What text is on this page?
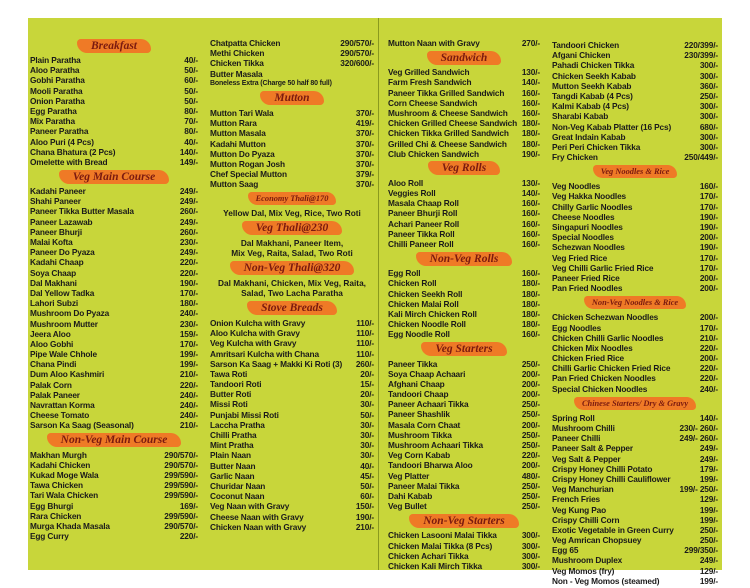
Breakfast
Plain Paratha	40/-
Aloo Paratha	50/-
Gobhi Paratha	60/-
Mooli Paratha	50/-
Onion Paratha	50/-
Egg Paratha	80/-
Mix Paratha	70/-
Paneer Paratha	80/-
Aloo Puri (4 Pcs)	40/-
Chana Bhatura (2 Pcs)	140/-
Omelette with Bread	149/-
Veg Main Course
Kadahi Paneer	249/-
Shahi Paneer	249/-
Paneer Tikka Butter Masala	260/-
Paneer Lazawab	249/-
Paneer Bhurji	260/-
Malai Kofta	230/-
Paneer Do Pyaza	249/-
Kadahi Chaap	220/-
Soya Chaap	220/-
Dal Makhani	190/-
Dal Yellow Tadka	170/-
Lahori Subzi	180/-
Mushroom Do Pyaza	240/-
Mushroom Mutter	230/-
Jeera Aloo	159/-
Aloo Gobhi	170/-
Pipe Wale Chhole	199/-
Chana Pindi	199/-
Dum Aloo Kashmiri	210/-
Palak Corn	220/-
Palak Paneer	240/-
Navrattan Korma	240/-
Cheese Tomato	240/-
Sarson Ka Saag (Seasonal)	210/-
Non-Veg Main Course
Makhan Murgh	290/570/-
Kadahi Chicken	290/570/-
Kukad Moge Wala	299/590/-
Tawa Chicken	299/590/-
Tari Wala Chicken	299/590/-
Egg Bhurgi	169/-
Rara Chicken	299/590/-
Murga Khada Masala	290/570/-
Egg Curry	220/-
Chatpatta Chicken	290/570/-
Methi Chicken	290/570/-
Chicken Tikka	320/600/-
Butter Masala
Boneless Extra (Charge 50 half 80 full)
Mutton
Mutton Tari Wala	370/-
Mutton Rara	419/-
Mutton Masala	370/-
Kadahi Mutton	370/-
Mutton Do Pyaza	370/-
Mutton Rogan Josh	370/-
Chef Special Mutton	379/-
Mutton Saag	370/-
Economy Thali@170
Yellow Dal, Mix Veg, Rice, Two Roti
Veg Thali@230
Dal Makhani, Paneer Item,
Mix Veg, Raita, Salad, Two Roti
Non-Veg Thali@320
Dal Makhani, Chicken, Mix Veg, Raita,
Salad, Two Lacha Paratha
Stove Breads
Onion Kulcha with Gravy	110/-
Aloo Kulcha with Gravy	110/-
Veg Kulcha with Gravy	110/-
Amritsari Kulcha with Chana	110/-
Sarson Ka Saag + Makki Ki Roti (3) 260/-
Tawa Roti	20/-
Tandoori Roti	15/-
Butter Roti	20/-
Missi Roti	30/-
Punjabi Missi Roti	50/-
Laccha Pratha	30/-
Chilli Pratha	30/-
Mint Pratha	30/-
Plain Naan	30/-
Butter Naan	40/-
Garlic Naan	45/-
Churidar Naan	50/-
Coconut Naan	60/-
Veg Naan with Gravy	150/-
Cheese Naan with Gravy	190/-
Chicken Naan with Gravy	210/-
Mutton Naan with Gravy	270/-
Sandwich
Veg Grilled Sandwich	130/-
Farm Fresh Sandwich	140/-
Paneer Tikka Grilled Sandwich 160/-
Corn Cheese Sandwich	160/-
Mushroom & Cheese Sandwich 160/-
Chicken Grilled Cheese Sandwich 180/-
Chicken Tikka Grilled Sandwich 180/-
Grilled Chi & Cheese Sandwich 180/-
Club Chicken Sandwich	190/-
Veg Rolls
Aloo Roll	130/-
Veggies Roll	140/-
Masala Chaap Roll	160/-
Paneer Bhurji Roll	160/-
Achari Paneer Roll	160/-
Paneer Tikka Roll	160/-
Chilli Paneer Roll	160/-
Non-Veg Rolls
Egg Roll	160/-
Chicken Roll	180/-
Chicken Seekh Roll	180/-
Chicken Malai Roll	180/-
Kali Mirch Chicken Roll	180/-
Chicken Noodle Roll	180/-
Egg Noodle Roll	160/-
Veg Starters
Paneer Tikka	250/-
Soya Chaap Achaari	200/-
Afghani Chaap	200/-
Tandoori Chaap	200/-
Paneer Achaari Tikka	250/-
Paneer Shashlik	250/-
Masala Corn Chaat	200/-
Mushroom Tikka	250/-
Mushroom Achaari Tikka	250/-
Veg Corn Kabab	220/-
Tandoori Bharwa Aloo	200/-
Veg Platter	480/-
Paneer Malai Tikka	250/-
Dahi Kabab	250/-
Veg Bullet	250/-
Non-Veg Starters
Chicken Lasooni Malai Tikka	300/-
Chicken Malai Tikka (8 Pcs)	300/-
Chicken Achari Tikka	300/-
Chicken Kali Mirch Tikka	300/-
Tandoori Chicken	220/399/-
Afgani Chicken	230/399/-
Pahadi Chicken Tikka	300/-
Chicken Seekh Kabab	300/-
Mutton Seekh Kabab	360/-
Tangdi Kabab (4 Pcs)	250/-
Kalmi Kabab (4 Pcs)	300/-
Sharabi Kabab	300/-
Non-Veg Kabab Platter (16 Pcs)	680/-
Great Indain Kabab	300/-
Peri Peri Chicken Tikka	300/-
Fry Chicken	250/449/-
Veg Noodles & Rice
Veg Noodles	160/-
Veg Hakka Noodles	170/-
Chilly Garlic Noodles	170/-
Cheese Noodles	190/-
Singapuri Noodles	190/-
Special Noodles	200/-
Schezwan Noodles	190/-
Veg Fried Rice	170/-
Veg Chilli Garlic Fried Rice	170/-
Paneer Fried Rice	200/-
Pan Fried Noodles	200/-
Non-Veg Noodles & Rice
Chicken Schezwan Noodles	200/-
Egg Noodles	170/-
Chicken Chilli Garlic Noodles	210/-
Chicken Mix Noodles	220/-
Chicken Fried Rice	200/-
Chilli Garlic Chicken Fried Rice	220/-
Pan Fried Chicken Noodles	220/-
Special Chicken Noodles	240/-
Chinese Starters/ Dry & Gravy
Spring Roll	140/-
Mushroom Chilli	230/- 260/-
Paneer Chilli	249/- 260/-
Paneer Salt & Pepper	249/-
Veg Salt & Pepper	249/-
Crispy Honey Chilli Potato	179/-
Crispy Honey Chilli Cauliflower	199/-
Veg Manchurian	199/- 250/-
French Fries	129/-
Veg Kung Pao	199/-
Crispy Chilli Corn	199/-
Exotic Vegetable in Green Curry	250/-
Veg Amrican Chopsuey	250/-
Egg 65	299/350/-
Mushroom Duplex	249/-
Veg Momos (fry)	129/-
Non - Veg Momos (steamed)	199/-
